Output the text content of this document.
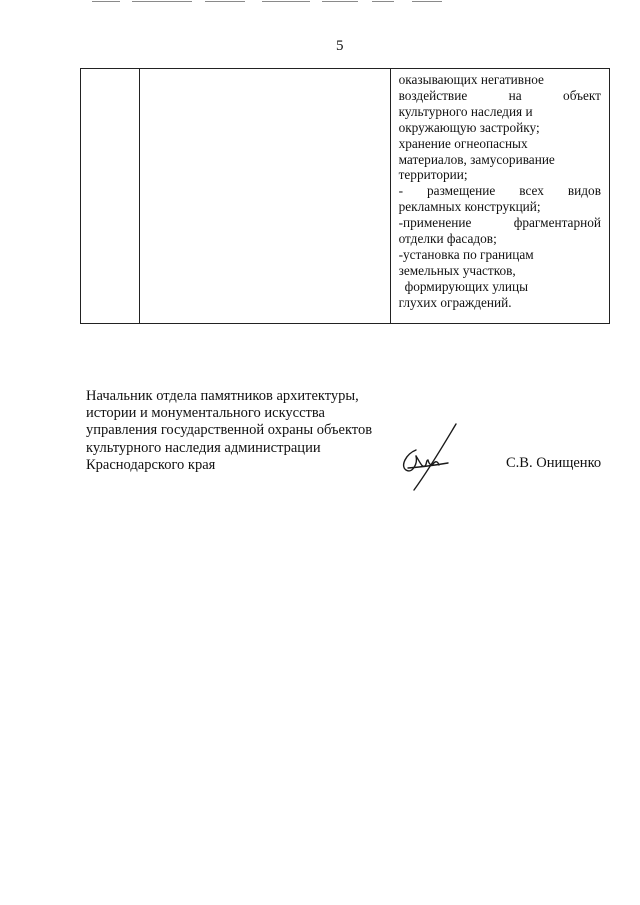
5

оказывающих негативное
воздействие на объект
культурного наследия и
окружающую застройку;
хранение огнеопасных
материалов, замусоривание
территории;
- размещение всех видов
рекламных конструкций;
-применение фрагментарной
отделки фасадов;
-установка по границам
земельных участков,
формирующих улицы
глухих ограждений.
Начальник отдела памятников архитектуры,
истории и монументального искусства
управления государственной охраны объектов
культурного наследия администрации
Краснодарского края	С.В. Онищенко
